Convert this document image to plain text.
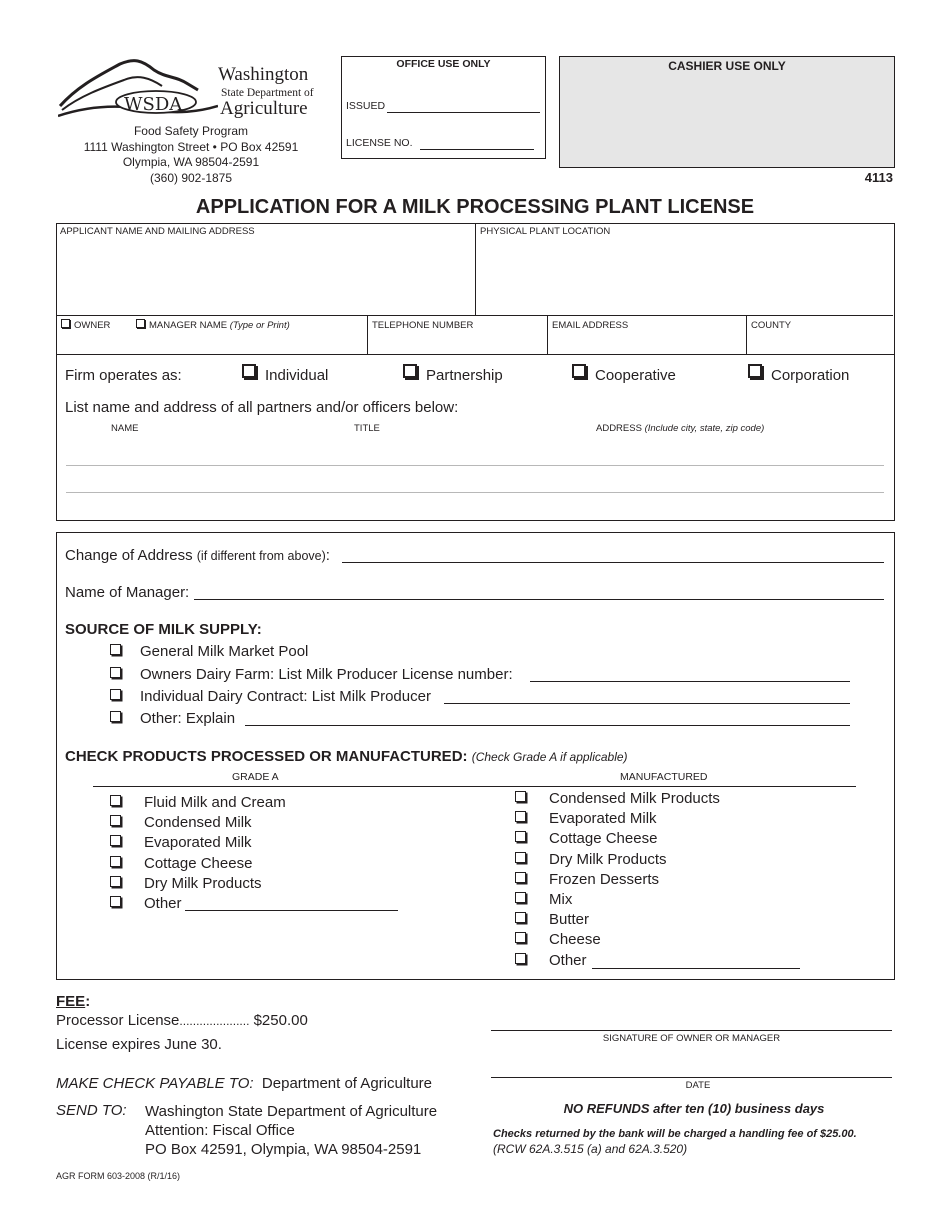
WSDA
Washington
State Department of
Agriculture
Food Safety Program
1111 Washington Street • PO Box 42591
Olympia, WA 98504-2591
(360) 902-1875
OFFICE USE ONLY
ISSUED
LICENSE NO.
CASHIER USE ONLY
4113
APPLICATION FOR A MILK PROCESSING PLANT LICENSE
APPLICANT NAME AND MAILING ADDRESS	PHYSICAL PLANT LOCATION
OWNER	MANAGER NAME (Type or Print)	TELEPHONE NUMBER	EMAIL ADDRESS	COUNTY
Firm operates as:	Individual	Partnership	Cooperative	Corporation
List name and address of all partners and/or officers below:
NAME	TITLE	ADDRESS (Include city, state, zip code)
Change of Address (if different from above):
Name of Manager:
SOURCE OF MILK SUPPLY:
General Milk Market Pool
Owners Dairy Farm: List Milk Producer License number:
Individual Dairy Contract: List Milk Producer
Other: Explain
CHECK PRODUCTS PROCESSED OR MANUFACTURED: (Check Grade A if applicable)
GRADE A	MANUFACTURED
Fluid Milk and Cream
Condensed Milk
Evaporated Milk
Cottage Cheese
Dry Milk Products
Other
Condensed Milk Products
Evaporated Milk
Cottage Cheese
Dry Milk Products
Frozen Desserts
Mix
Butter
Cheese
Other
FEE:
Processor License..................... $250.00
License expires June 30.
MAKE CHECK PAYABLE TO: Department of Agriculture
SEND TO: Washington State Department of Agriculture
Attention: Fiscal Office
PO Box 42591, Olympia, WA 98504-2591
SIGNATURE OF OWNER OR MANAGER
DATE
NO REFUNDS after ten (10) business days
Checks returned by the bank will be charged a handling fee of $25.00.
(RCW 62A.3.515 (a) and 62A.3.520)
AGR FORM 603-2008 (R/1/16)
